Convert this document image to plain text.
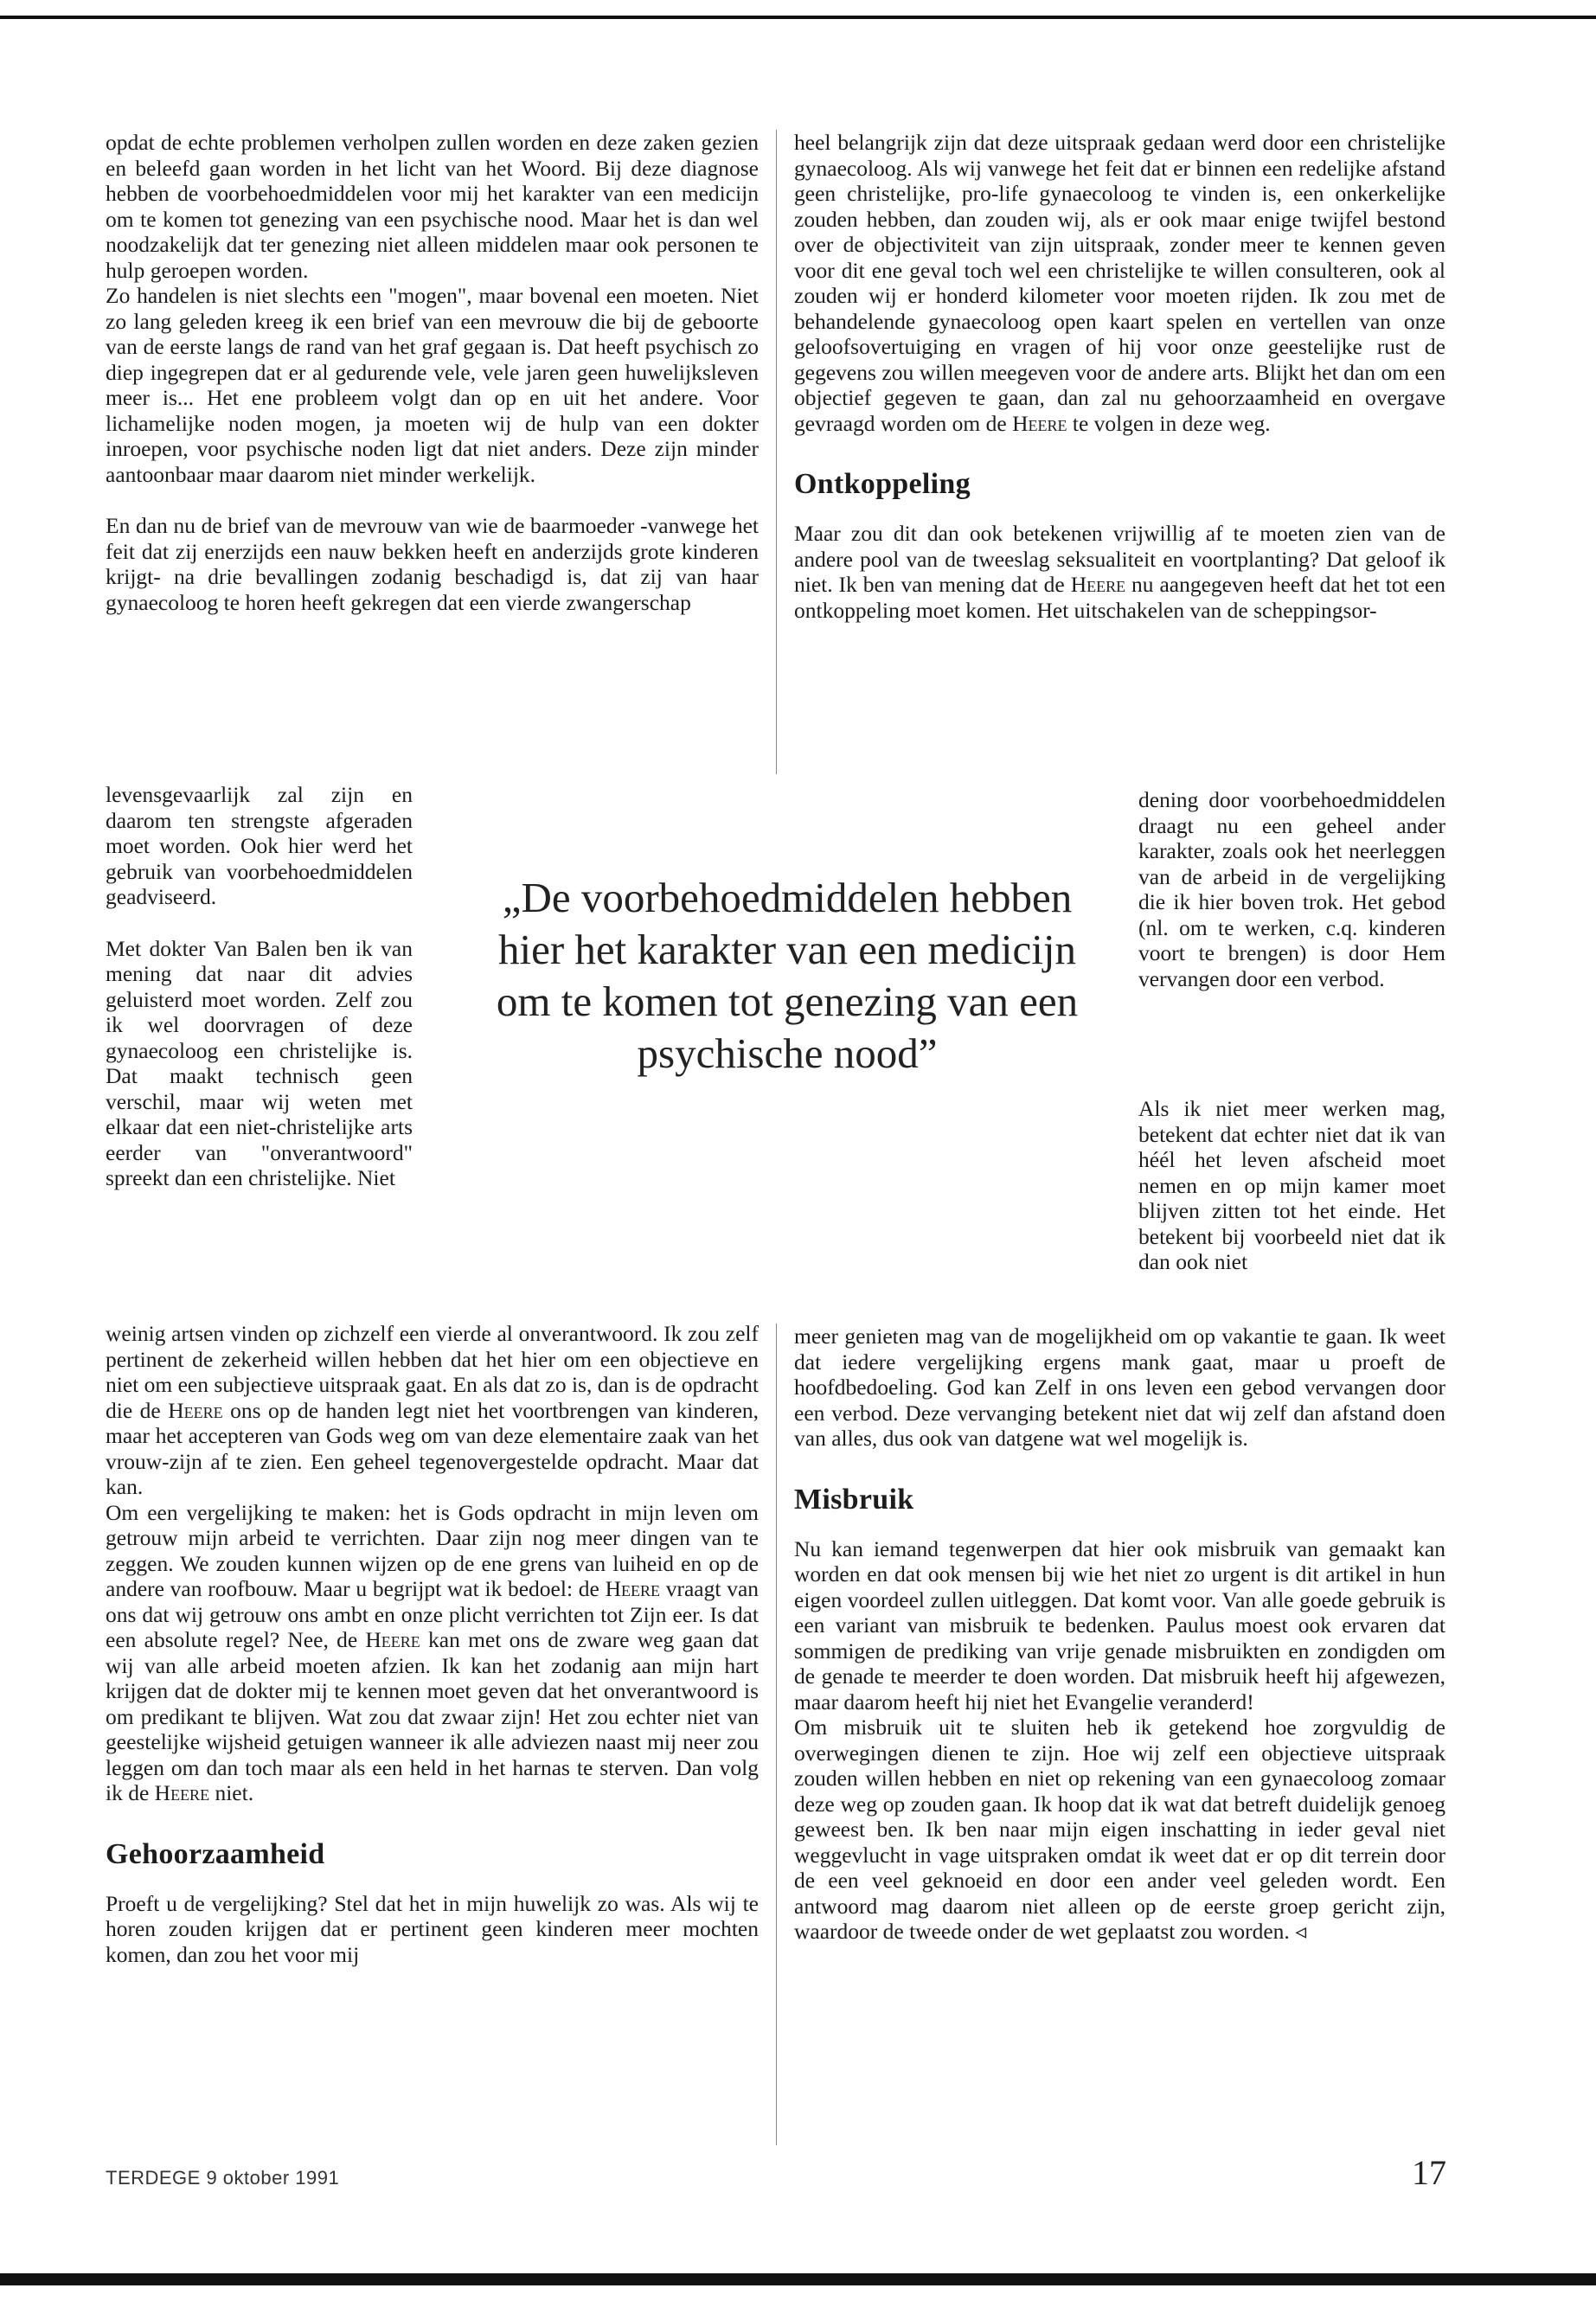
opdat de echte problemen verholpen zullen worden en deze zaken gezien en beleefd gaan worden in het licht van het Woord. Bij deze diagnose hebben de voorbehoedmiddelen voor mij het karakter van een medicijn om te komen tot genezing van een psychische nood. Maar het is dan wel noodzakelijk dat ter genezing niet alleen middelen maar ook personen te hulp geroepen worden.

Zo handelen is niet slechts een "mogen", maar bovenal een moeten. Niet zo lang geleden kreeg ik een brief van een mevrouw die bij de geboorte van de eerste langs de rand van het graf gegaan is. Dat heeft psychisch zo diep ingegrepen dat er al gedurende vele, vele jaren geen huwelijksleven meer is... Het ene probleem volgt dan op en uit het andere. Voor lichamelijke noden mogen, ja moeten wij de hulp van een dokter inroepen, voor psychische noden ligt dat niet anders. Deze zijn minder aantoonbaar maar daarom niet minder werkelijk.

En dan nu de brief van de mevrouw van wie de baarmoeder -vanwege het feit dat zij enerzijds een nauw bekken heeft en anderzijds grote kinderen krijgt- na drie bevallingen zodanig beschadigd is, dat zij van haar gynaecoloog te horen heeft gekregen dat een vierde zwangerschap

levensgevaarlijk zal zijn en daarom ten strengste afgeraden moet worden. Ook hier werd het gebruik van voorbehoedmiddelen geadviseerd.

Met dokter Van Balen ben ik van mening dat naar dit advies geluisterd moet worden. Zelf zou ik wel doorvragen of deze gynaecoloog een christelijke is. Dat maakt technisch geen verschil, maar wij weten met elkaar dat een niet-christelijke arts eerder van "onverantwoord" spreekt dan een christelijke. Niet

„De voorbehoedmiddelen hebben hier het karakter van een medicijn om te komen tot genezing van een psychische nood”

weinig artsen vinden op zichzelf een vierde al onverantwoord. Ik zou zelf pertinent de zekerheid willen hebben dat het hier om een objectieve en niet om een subjectieve uitspraak gaat. En als dat zo is, dan is de opdracht die de Heere ons op de handen legt niet het voortbrengen van kinderen, maar het accepteren van Gods weg om van deze elementaire zaak van het vrouw-zijn af te zien. Een geheel tegenovergestelde opdracht. Maar dat kan.

Om een vergelijking te maken: het is Gods opdracht in mijn leven om getrouw mijn arbeid te verrichten. Daar zijn nog meer dingen van te zeggen. We zouden kunnen wijzen op de ene grens van luiheid en op de andere van roofbouw. Maar u begrijpt wat ik bedoel: de Heere vraagt van ons dat wij getrouw ons ambt en onze plicht verrichten tot Zijn eer. Is dat een absolute regel? Nee, de Heere kan met ons de zware weg gaan dat wij van alle arbeid moeten afzien. Ik kan het zodanig aan mijn hart krijgen dat de dokter mij te kennen moet geven dat het onverantwoord is om predikant te blijven. Wat zou dat zwaar zijn! Het zou echter niet van geestelijke wijsheid getuigen wanneer ik alle adviezen naast mij neer zou leggen om dan toch maar als een held in het harnas te sterven. Dan volg ik de Heere niet.

Gehoorzaamheid

Proeft u de vergelijking? Stel dat het in mijn huwelijk zo was. Als wij te horen zouden krijgen dat er pertinent geen kinderen meer mochten komen, dan zou het voor mij

heel belangrijk zijn dat deze uitspraak gedaan werd door een christelijke gynaecoloog. Als wij vanwege het feit dat er binnen een redelijke afstand geen christelijke, pro-life gynaecoloog te vinden is, een onkerkelijke zouden hebben, dan zouden wij, als er ook maar enige twijfel bestond over de objectiviteit van zijn uitspraak, zonder meer te kennen geven voor dit ene geval toch wel een christelijke te willen consulteren, ook al zouden wij er honderd kilometer voor moeten rijden. Ik zou met de behandelende gynaecoloog open kaart spelen en vertellen van onze geloofsovertuiging en vragen of hij voor onze geestelijke rust de gegevens zou willen meegeven voor de andere arts. Blijkt het dan om een objectief gegeven te gaan, dan zal nu gehoorzaamheid en overgave gevraagd worden om de Heere te volgen in deze weg.

Ontkoppeling

Maar zou dit dan ook betekenen vrijwillig af te moeten zien van de andere pool van de tweeslag seksualiteit en voortplanting? Dat geloof ik niet. Ik ben van mening dat de Heere nu aangegeven heeft dat het tot een ontkoppeling moet komen. Het uitschakelen van de scheppingsor-

dening door voorbehoedmiddelen draagt nu een geheel ander karakter, zoals ook het neerleggen van de arbeid in de vergelijking die ik hier boven trok. Het gebod (nl. om te werken, c.q. kinderen voort te brengen) is door Hem vervangen door een verbod.

Als ik niet meer werken mag, betekent dat echter niet dat ik van héél het leven afscheid moet nemen en op mijn kamer moet blijven zitten tot het einde. Het betekent bij voorbeeld niet dat ik dan ook niet

meer genieten mag van de mogelijkheid om op vakantie te gaan. Ik weet dat iedere vergelijking ergens mank gaat, maar u proeft de hoofdbedoeling. God kan Zelf in ons leven een gebod vervangen door een verbod. Deze vervanging betekent niet dat wij zelf dan afstand doen van alles, dus ook van datgene wat wel mogelijk is.

Misbruik

Nu kan iemand tegenwerpen dat hier ook misbruik van gemaakt kan worden en dat ook mensen bij wie het niet zo urgent is dit artikel in hun eigen voordeel zullen uitleggen. Dat komt voor. Van alle goede gebruik is een variant van misbruik te bedenken. Paulus moest ook ervaren dat sommigen de prediking van vrije genade misbruikten en zondigden om de genade te meerder te doen worden. Dat misbruik heeft hij afgewezen, maar daarom heeft hij niet het Evangelie veranderd!

Om misbruik uit te sluiten heb ik getekend hoe zorgvuldig de overwegingen dienen te zijn. Hoe wij zelf een objectieve uitspraak zouden willen hebben en niet op rekening van een gynaecoloog zomaar deze weg op zouden gaan. Ik hoop dat ik wat dat betreft duidelijk genoeg geweest ben. Ik ben naar mijn eigen inschatting in ieder geval niet weggevlucht in vage uitspraken omdat ik weet dat er op dit terrein door de een veel geknoeid en door een ander veel geleden wordt. Een antwoord mag daarom niet alleen op de eerste groep gericht zijn, waardoor de tweede onder de wet geplaatst zou worden. ◃

TERDEGE 9 oktober 1991	17
